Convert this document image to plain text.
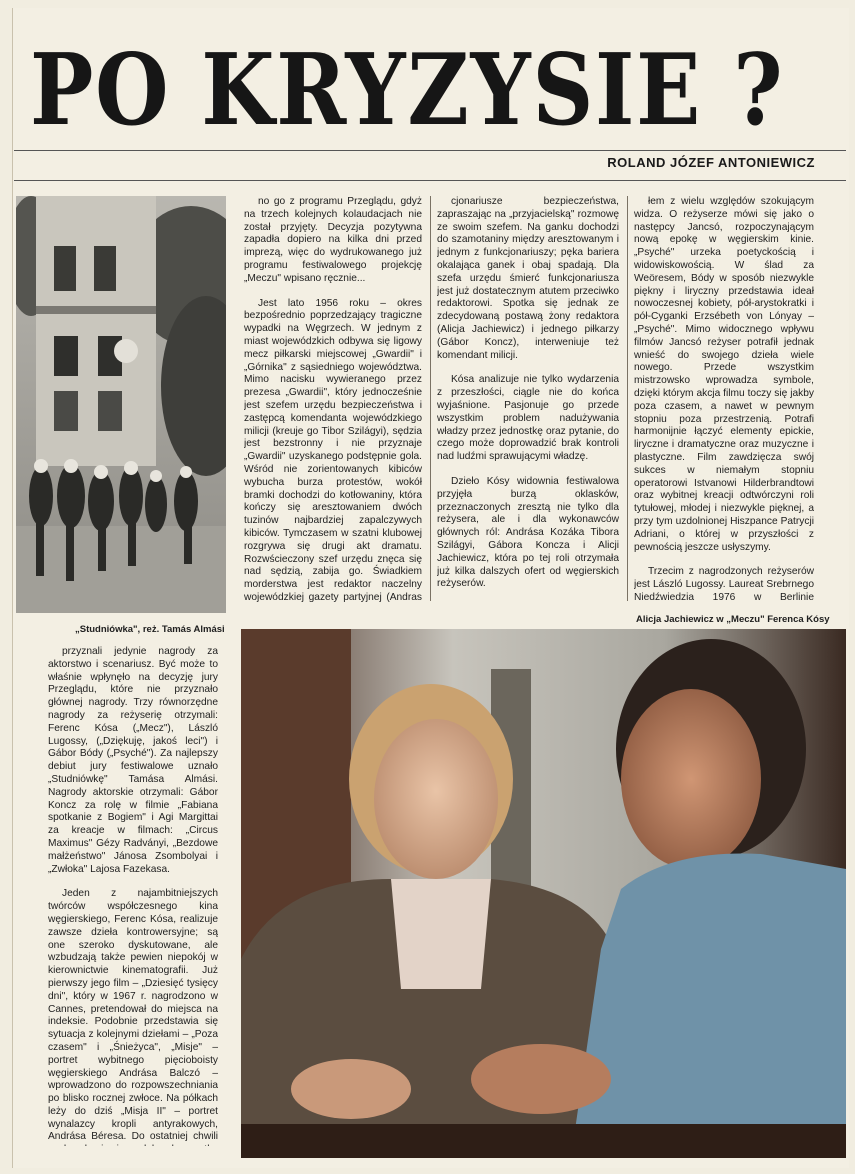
PO KRYZYSIE ?
ROLAND JÓZEF ANTONIEWICZ
„Studniówka", reż. Tamás Almási

przyznali jedynie nagrody za aktorstwo i scenariusz. Być może to właśnie wpłynęło na decyzję jury Przeglądu, które nie przyznało głównej nagrody. Trzy równorzędne nagrody za reżyserię otrzymali: Ferenc Kósa („Mecz"), László Lugossy, („Dziękuję, jakoś leci") i Gábor Bódy („Psyché"). Za najlepszy debiut jury festiwalowe uznało „Studniówkę" Tamása Almási. Nagrody aktorskie otrzymali: Gábor Koncz za rolę w filmie „Fabiana spotkanie z Bogiem" i Agi Margittai za kreacje w filmach: „Circus Maximus" Gézy Radványi, „Bezdowe małżeństwo" Jánosa Zsombolyai i „Zwłoka" Lajosa Fazekasa.

Jeden z najambitniejszych twórców współczesnego kina węgierskiego, Ferenc Kósa, realizuje zawsze dzieła kontrowersyjne; są one szeroko dyskutowane, ale wzbudzają także pewien niepokój w kierownictwie kinematografii. Już pierwszy jego film – „Dziesięć tysięcy dni", który w 1967 r. nagrodzono w Cannes, pretendował do miejsca na indeksie. Podobnie przedstawia się sytuacja z kolejnymi dziełami – „Poza czasem" i „Śnieżyca", „Misje" – portret wybitnego pięcioboisty węgierskiego Andrása Balczó – wprowadzono do rozpowszechniania po blisko rocznej zwłoce. Na półkach leży do dziś „Misja II" – portret wynalazcy kropli antyrakowych, Andrása Béresa. Do ostatniej chwili

no go z programu Przeglądu, gdyż na trzech kolejnych kolaudacjach nie został przyjęty. Decyzja pozytywna zapadła dopiero na kilka dni przed imprezą, więc do wydrukowanego już programu festiwalowego projekcję „Meczu" wpisano ręcznie...

Jest lato 1956 roku – okres bezpośrednio poprzedzający tragiczne wypadki na Węgrzech. W jednym z miast wojewódzkich odbywa się ligowy mecz piłkarski miejscowej „Gwardii" i „Górnika" z sąsiedniego województwa. Mimo nacisku wywieranego przez prezesa „Gwardii", który jednocześnie jest szefem urzędu bezpieczeństwa i zastępcą komendanta wojewódzkiego milicji (kreuje go Tibor Szilágyi), sędzia jest bezstronny i nie przyznaje „Gwardii" uzyskanego podstępnie gola. Wśród nie zorientowanych kibiców wybucha burza protestów, wokół bramki dochodzi do kotłowaniny, która kończy się aresztowaniem dwóch tuzinów najbardziej zapalczywych kibiców. Tymczasem w szatni klubowej rozgrywa się drugi akt dramatu. Rozwścieczony szef urzędu znęca się nad sędzią, zabija go. Świadkiem morderstwa jest redaktor naczelny wojewódzkiej gazety partyjnej (Andras

cjonariusze bezpieczeństwa, zapraszając na „przyjacielską" rozmowę ze swoim szefem. Na ganku dochodzi do szamotaniny między aresztowanym i jednym z funkcjonariuszy; pęka bariera okalająca ganek i obaj spadają. Dla szefa urzędu śmierć funkcjonariusza jest już dostatecznym atutem przeciwko redaktorowi. Spotka się jednak ze zdecydowaną postawą żony redaktora (Alicja Jachiewicz) i jednego piłkarzy (Gábor Koncz), interweniuje też komendant milicji.

Kósa analizuje nie tylko wydarzenia z przeszłości, ciągle nie do końca wyjaśnione. Pasjonuje go przede wszystkim problem nadużywania władzy przez jednostkę oraz pytanie, do czego może doprowadzić brak kontroli nad ludźmi sprawującymi władzę.

Dzieło Kósy widownia festiwalowa przyjęła burzą oklasków, przeznaczonych zresztą nie tylko dla reżysera, ale i dla wykonawców głównych ról: Andrása Kozáka Tibora Szilágyi, Gábora Koncza i Alicji Jachiewicz, która po tej roli otrzymała już kilka dalszych ofert od węgierskich reżyserów.

łem z wielu względów szokującym widza. O reżyserze mówi się jako o następcy Jancsó, rozpoczynającym nową epokę w węgierskim kinie. „Psyché" urzeka poetyckością i widowiskowością. W ślad za Weöresem, Bódy w sposób niezwykle piękny i liryczny przedstawia ideał nowoczesnej kobiety, pół-arystokratki i pół-Cyganki Erzsébeth von Lónyay – „Psyché". Mimo widocznego wpływu filmów Jancsó reżyser potrafił jednak wnieść do swojego dzieła wiele nowego. Przede wszystkim mistrzowsko wprowadza symbole, dzięki którym akcja filmu toczy się jakby poza czasem, a nawet w pewnym stopniu poza przestrzenią. Potrafi harmonijnie łączyć elementy epickie, liryczne i dramatyczne oraz muzyczne i plastyczne. Film zawdzięcza swój sukces w niemałym stopniu operatorowi Istvanowi Hilderbrandtowi oraz wybitnej kreacji odtwórczyni roli tytułowej, młodej i niezwykle pięknej, a przy tym uzdolnionej Hiszpance Patrycji Adriani, o której w przyszłości z pewnością jeszcze usłyszymy.

Trzecim z nagrodzonych reżyserów jest László Lugossy. Laureat Srebrnego Niedźwiedzia 1976 w Berlinie

Alicja Jachiewicz w „Meczu" Ferenca Kósy
